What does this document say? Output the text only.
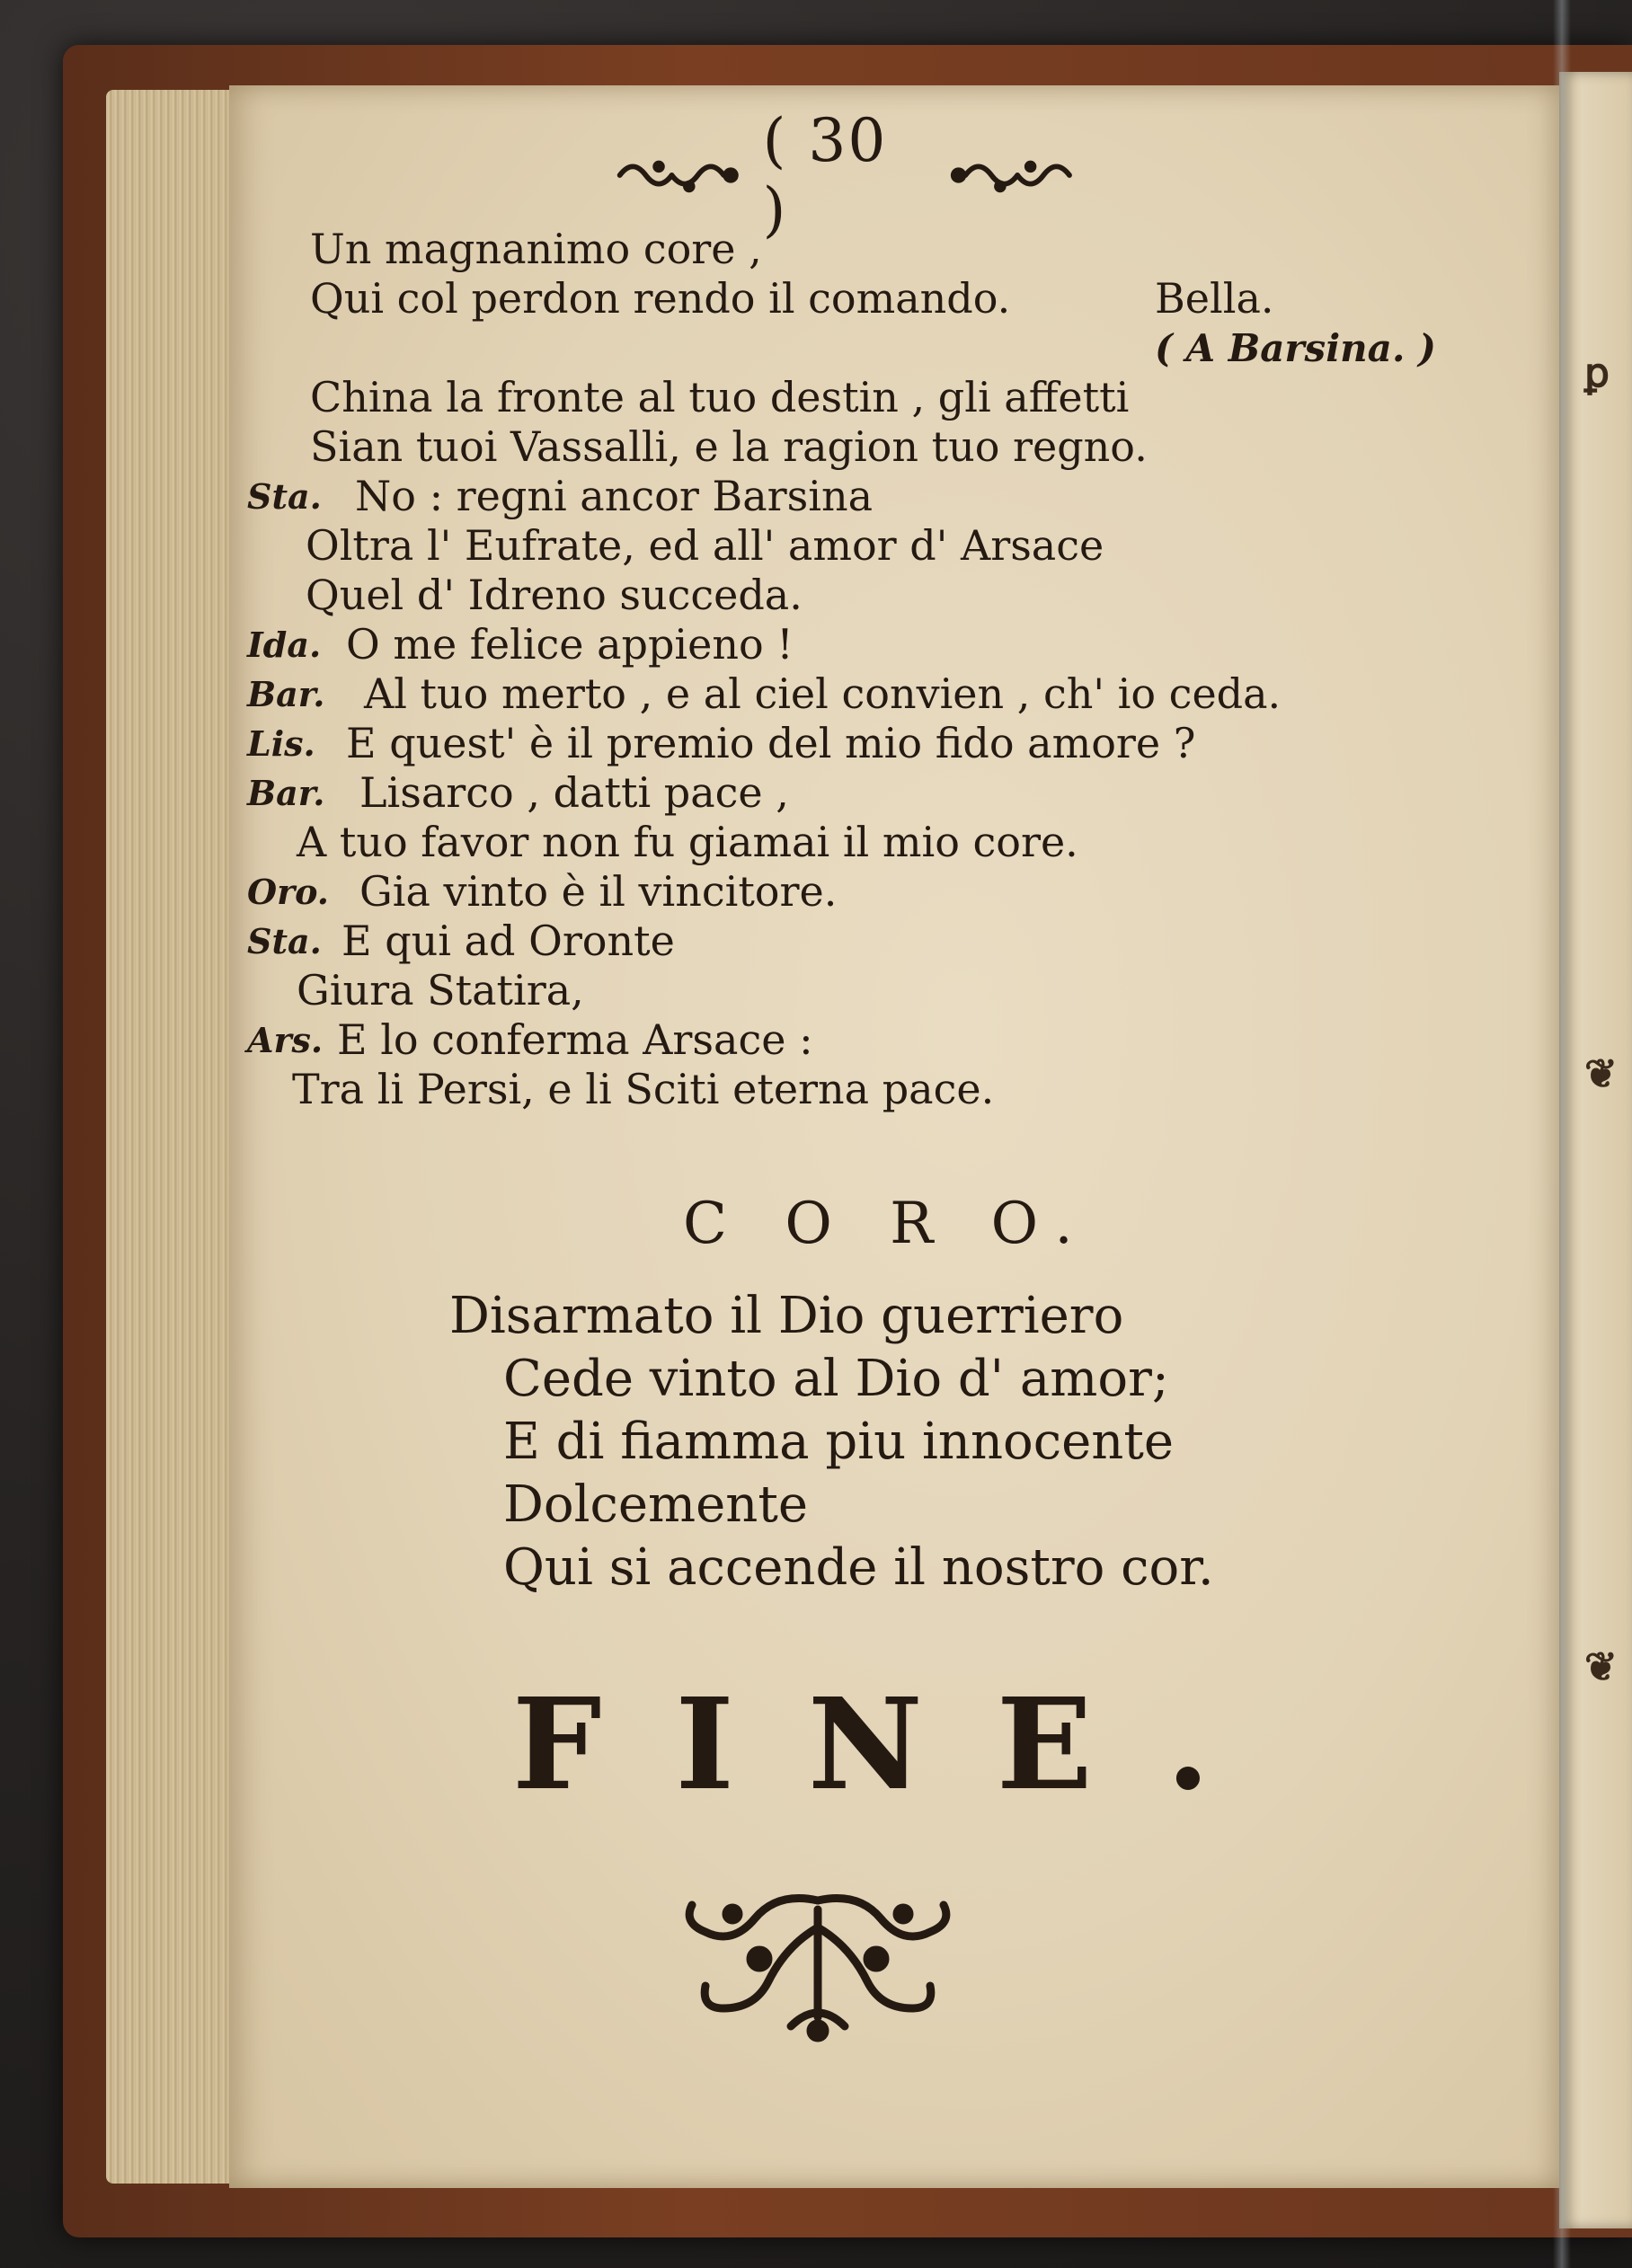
ꝑ
❦
❦
( 30 )
Un magnanimo core ,
Qui col perdon rendo il comando.	Bella.
( A Barsina. )
China la fronte al tuo destin , gli affetti
Sian tuoi Vassalli, e la ragion tuo regno.
Sta. No : regni ancor Barsina
Oltra l' Eufrate, ed all' amor d' Arsace
Quel d' Idreno succeda.
Ida. O me felice appieno !
Bar. Al tuo merto , e al ciel convien , ch' io ceda.
Lis. E quest' è il premio del mio fido amore ?
Bar. Lisarco , datti pace ,
A tuo favor non fu giamai il mio core.
Oro. Gia vinto è il vincitore.
Sta. E qui ad Oronte
Giura Statira,
Ars. E lo conferma Arsace :
Tra li Persi, e li Sciti eterna pace.
C O R O.
Disarmato il Dio guerriero
Cede vinto al Dio d' amor;
E di fiamma piu innocente
Dolcemente
Qui si accende il nostro cor.
FINE.
